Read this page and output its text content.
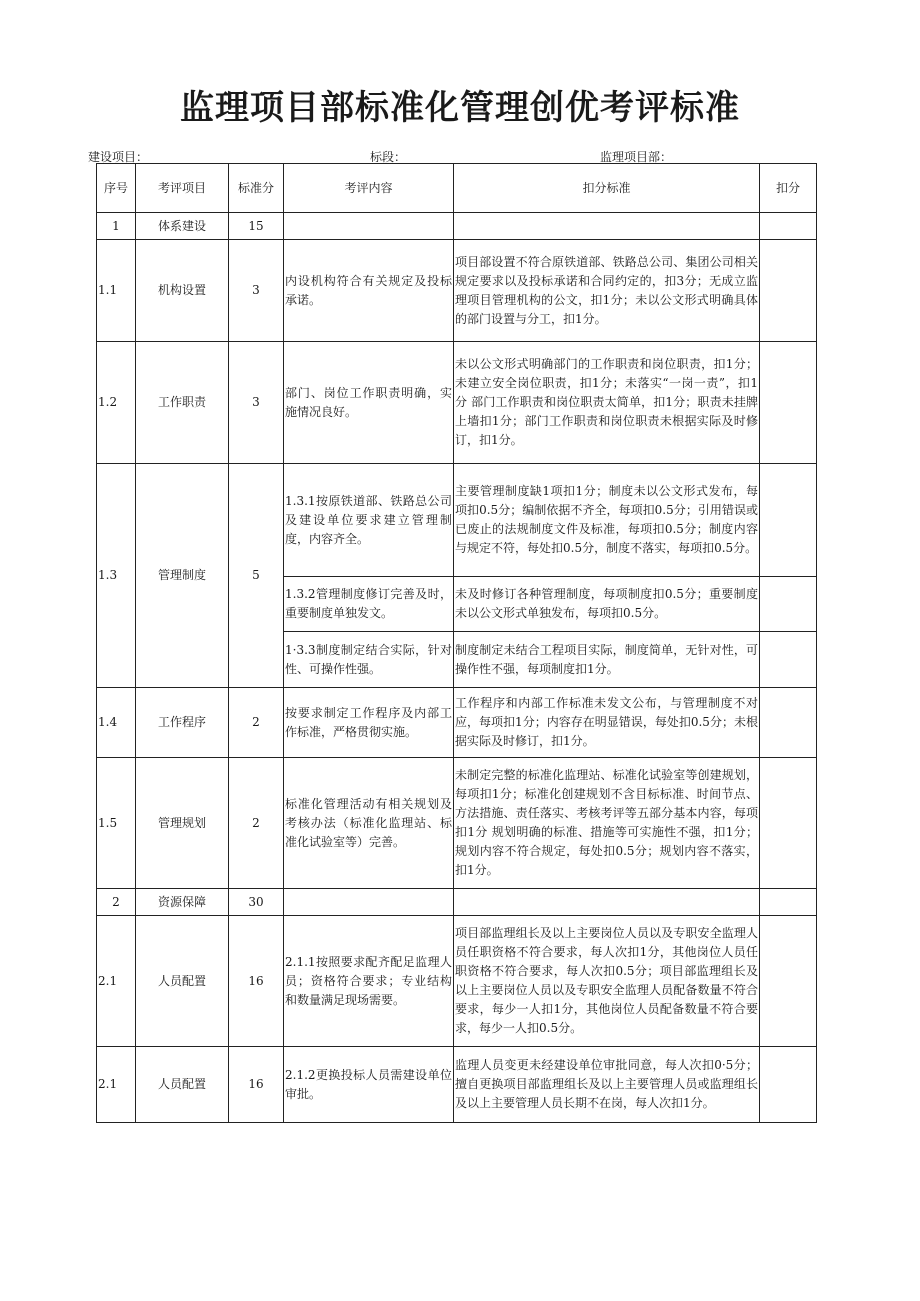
监理项目部标准化管理创优考评标准
建设项目：	标段：	监理项目部：
序号	考评项目	标准分	考评内容	扣分标准	扣分
1	体系建设	15			
1.1	机构设置	3	内设机构符合有关规定及投标承诺。	项目部设置不符合原铁道部、铁路总公司、集团公司相关规定要求以及投标承诺和合同约定的，扣3分；无成立监理项目管理机构的公文，扣1分；未以公文形式明确具体的部门设置与分工，扣1分。	
1.2	工作职责	3	部门、岗位工作职责明确，实施情况良好。	未以公文形式明确部门的工作职责和岗位职责，扣1分；未建立安全岗位职责，扣1分；未落实“一岗一责”，扣1分 部门工作职责和岗位职责太简单，扣1分；职责未挂牌上墙扣1分；部门工作职责和岗位职责未根据实际及时修订，扣1分。	
1.3	管理制度	5	1.3.1按原铁道部、铁路总公司及建设单位要求建立管理制度，内容齐全。	主要管理制度缺1项扣1分；制度未以公文形式发布，每项扣0.5分；编制依据不齐全，每项扣0.5分；引用错误或已废止的法规制度文件及标准，每项扣0.5分；制度内容与规定不符，每处扣0.5分，制度不落实，每项扣0.5分。	
			1.3.2管理制度修订完善及时，重要制度单独发文。	未及时修订各种管理制度，每项制度扣0.5分；重要制度未以公文形式单独发布，每项扣0.5分。	
			1·3.3制度制定结合实际，针对性、可操作性强。	制度制定未结合工程项目实际，制度简单，无针对性，可操作性不强，每项制度扣1分。	
1.4	工作程序	2	按要求制定工作程序及内部工作标准，严格贯彻实施。	工作程序和内部工作标准未发文公布，与管理制度不对应，每项扣1分；内容存在明显错误，每处扣0.5分；未根据实际及时修订，扣1分。	
1.5	管理规划	2	标准化管理活动有相关规划及考核办法（标准化监理站、标准化试验室等）完善。	未制定完整的标准化监理站、标准化试验室等创建规划，每项扣1分；标准化创建规划不含目标标准、时间节点、方法措施、责任落实、考核考评等五部分基本内容，每项扣1分 规划明确的标准、措施等可实施性不强，扣1分；规划内容不符合规定，每处扣0.5分；规划内容不落实，扣1分。	
2	资源保障	30			
2.1	人员配置	16	2.1.1按照要求配齐配足监理人员；资格符合要求；专业结构和数量满足现场需要。	项目部监理组长及以上主要岗位人员以及专职安全监理人员任职资格不符合要求，每人次扣1分，其他岗位人员任职资格不符合要求，每人次扣0.5分；项目部监理组长及以上主要岗位人员以及专职安全监理人员配备数量不符合要求，每少一人扣1分，其他岗位人员配备数量不符合要求，每少一人扣0.5分。	
2.1	人员配置	16	2.1.2更换投标人员需建设单位审批。	监理人员变更未经建设单位审批同意，每人次扣0·5分；擅自更换项目部监理组长及以上主要管理人员或监理组长及以上主要管理人员长期不在岗，每人次扣1分。	
